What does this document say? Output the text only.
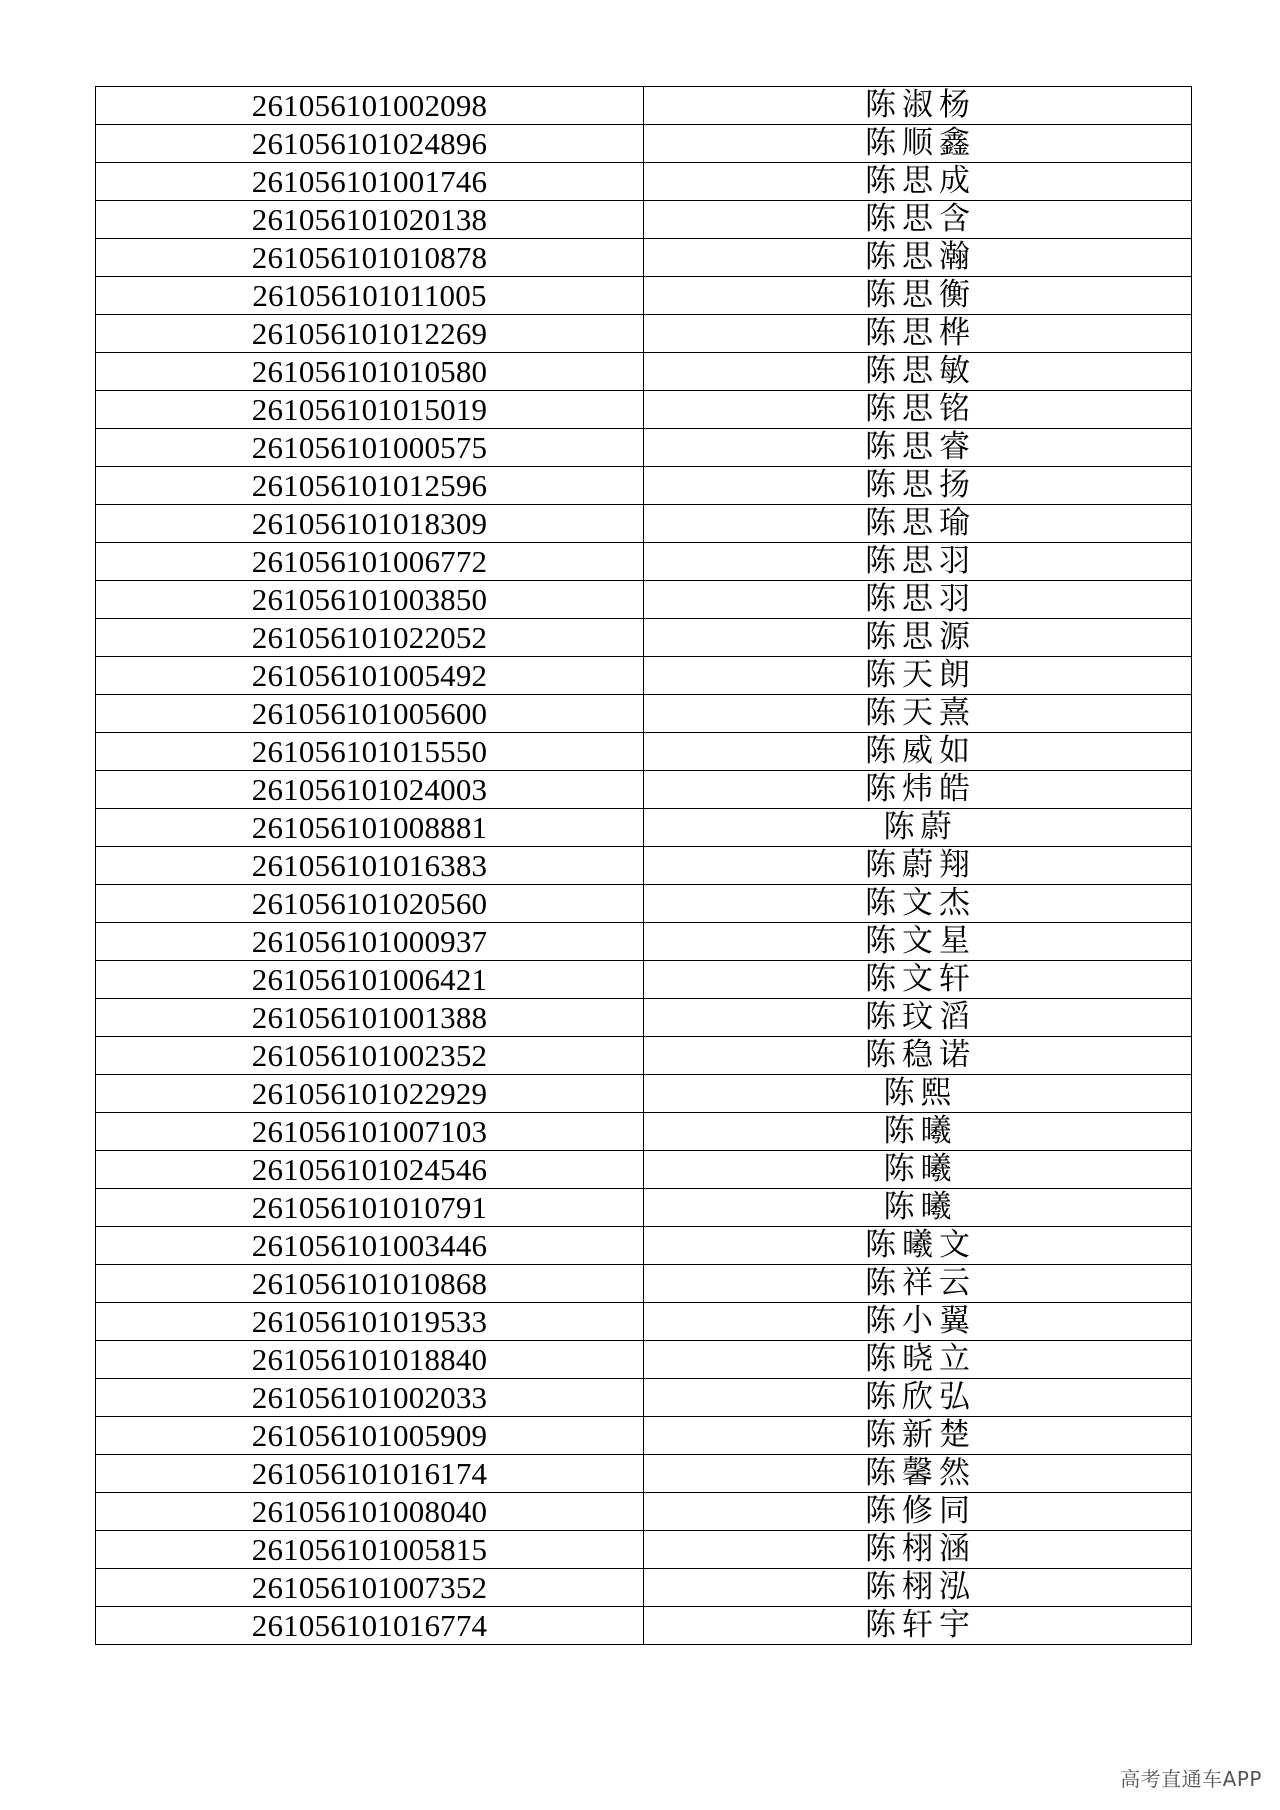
261056101002098	陈淑杨
261056101024896	陈顺鑫
261056101001746	陈思成
261056101020138	陈思含
261056101010878	陈思瀚
261056101011005	陈思衡
261056101012269	陈思桦
261056101010580	陈思敏
261056101015019	陈思铭
261056101000575	陈思睿
261056101012596	陈思扬
261056101018309	陈思瑜
261056101006772	陈思羽
261056101003850	陈思羽
261056101022052	陈思源
261056101005492	陈天朗
261056101005600	陈天熹
261056101015550	陈威如
261056101024003	陈炜皓
261056101008881	陈蔚
261056101016383	陈蔚翔
261056101020560	陈文杰
261056101000937	陈文星
261056101006421	陈文轩
261056101001388	陈玟滔
261056101002352	陈稳诺
261056101022929	陈熙
261056101007103	陈曦
261056101024546	陈曦
261056101010791	陈曦
261056101003446	陈曦文
261056101010868	陈祥云
261056101019533	陈小翼
261056101018840	陈晓立
261056101002033	陈欣弘
261056101005909	陈新楚
261056101016174	陈馨然
261056101008040	陈修同
261056101005815	陈栩涵
261056101007352	陈栩泓
261056101016774	陈轩宇
高考直通车APP
